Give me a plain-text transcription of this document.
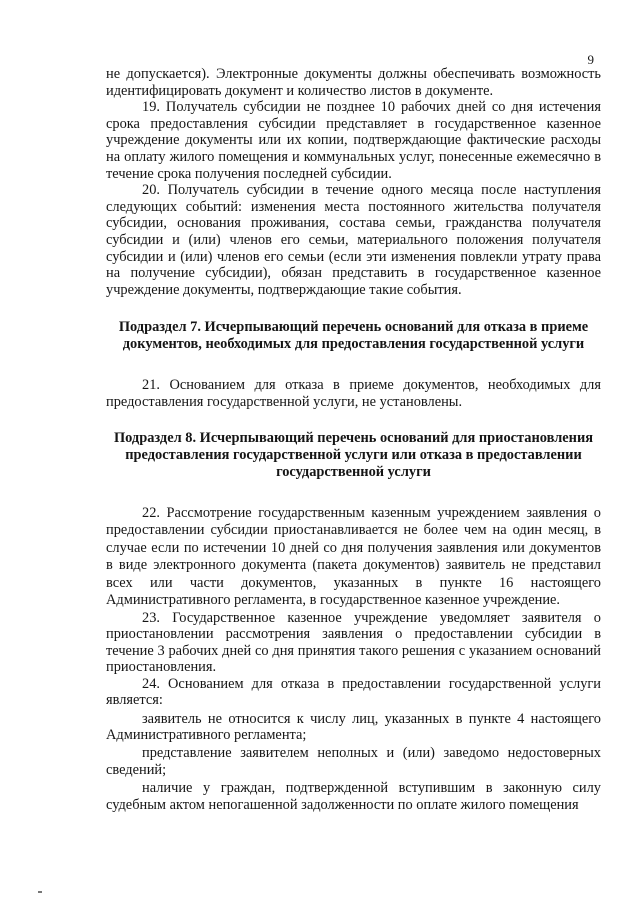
9

не допускается). Электронные документы должны обеспечивать возможность идентифицировать документ и количество листов в документе.

19. Получатель субсидии не позднее 10 рабочих дней со дня истечения срока предоставления субсидии представляет в государственное казенное учреждение документы или их копии, подтверждающие фактические расходы на оплату жилого помещения и коммунальных услуг, понесенные ежемесячно в течение срока получения последней субсидии.

20. Получатель субсидии в течение одного месяца после наступления следующих событий: изменения места постоянного жительства получателя субсидии, основания проживания, состава семьи, гражданства получателя субсидии и (или) членов его семьи, материального положения получателя субсидии и (или) членов его семьи (если эти изменения повлекли утрату права на получение субсидии), обязан представить в государственное казенное учреждение документы, подтверждающие такие события.

Подраздел 7. Исчерпывающий перечень оснований для отказа в приеме документов, необходимых для предоставления государственной услуги

21. Основанием для отказа в приеме документов, необходимых для предоставления государственной услуги, не установлены.

Подраздел 8. Исчерпывающий перечень оснований для приостановления предоставления государственной услуги или отказа в предоставлении государственной услуги

22. Рассмотрение государственным казенным учреждением заявления о предоставлении субсидии приостанавливается не более чем на один месяц, в случае если по истечении 10 дней со дня получения заявления или документов в виде электронного документа (пакета документов) заявитель не представил всех или части документов, указанных в пункте 16 настоящего Административного регламента, в государственное казенное учреждение.

23. Государственное казенное учреждение уведомляет заявителя о приостановлении рассмотрения заявления о предоставлении субсидии в течение 3 рабочих дней со дня принятия такого решения с указанием оснований приостановления.

24. Основанием для отказа в предоставлении государственной услуги является:

заявитель не относится к числу лиц, указанных в пункте 4 настоящего Административного регламента;

представление заявителем неполных и (или) заведомо недостоверных сведений;

наличие у граждан, подтвержденной вступившим в законную силу судебным актом непогашенной задолженности по оплате жилого помещения
